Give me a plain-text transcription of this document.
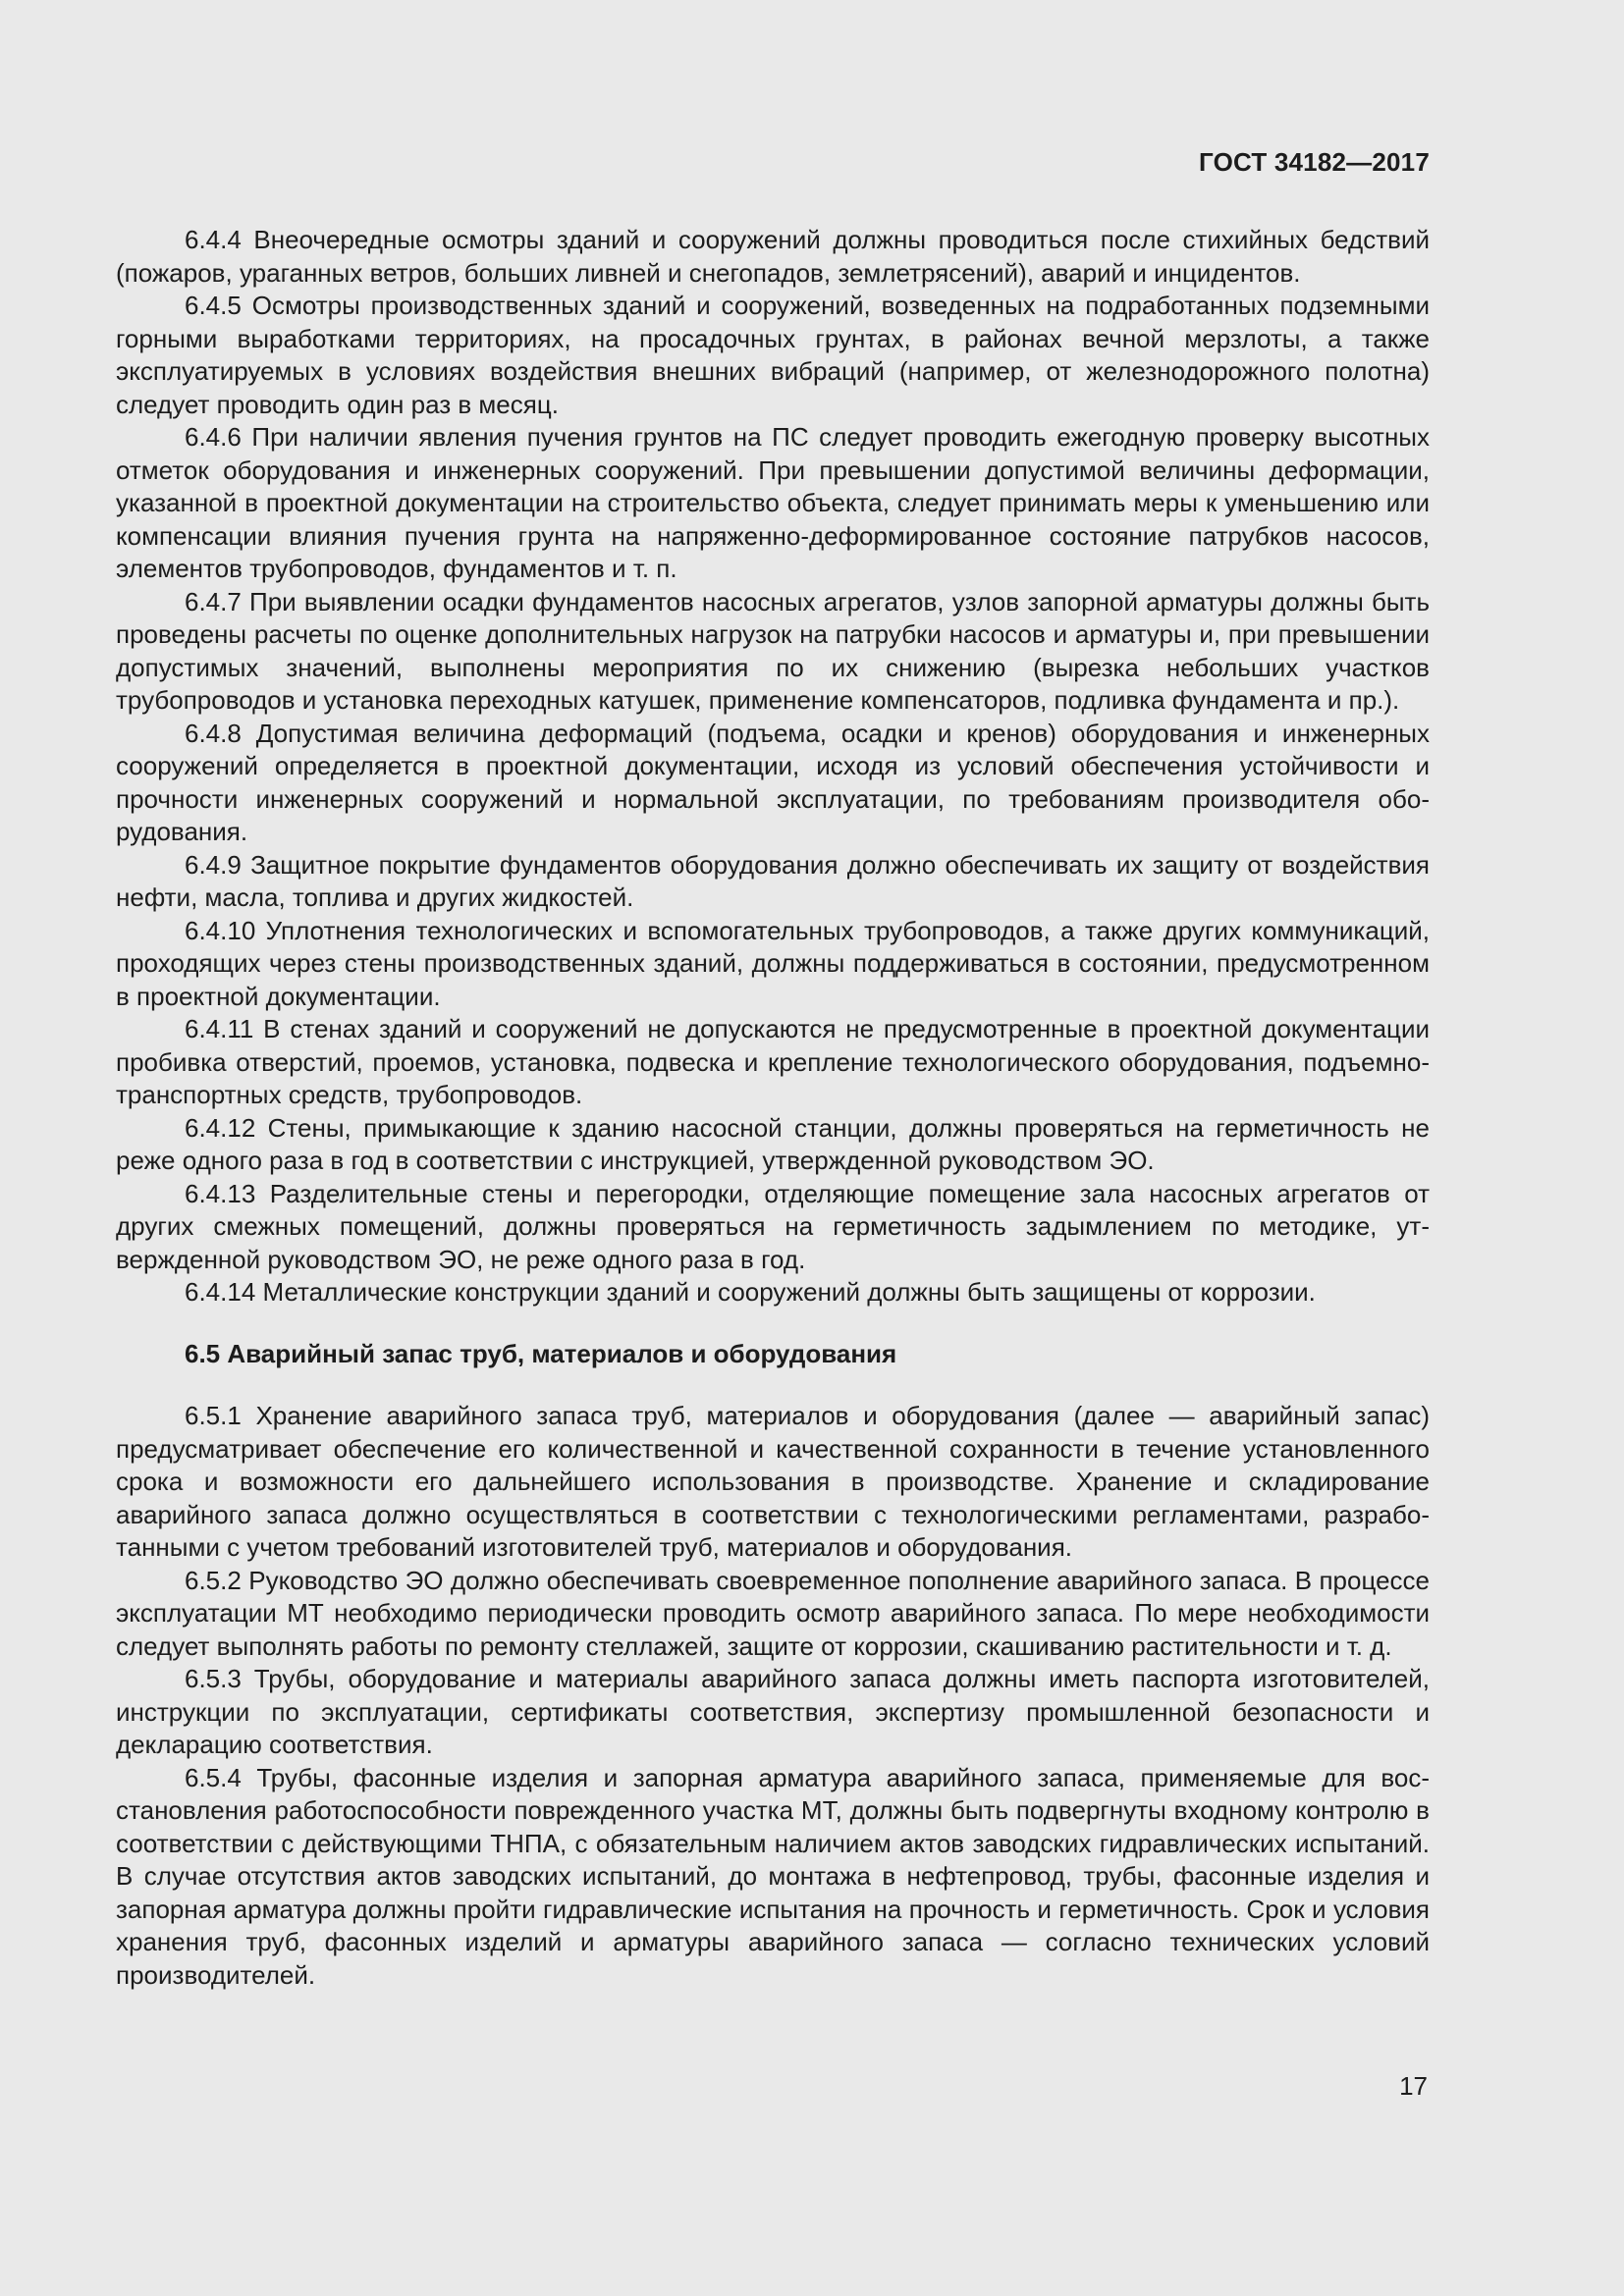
ГОСТ 34182—2017

6.4.4 Внеочередные осмотры зданий и сооружений должны проводиться после стихийных бедствий (пожаров, ураганных ветров, больших ливней и снегопадов, землетрясений), аварий и инцидентов.

6.4.5 Осмотры производственных зданий и сооружений, возведенных на подработанных подземными горными выработками территориях, на просадочных грунтах, в районах вечной мерзлоты, а также эксплуатируемых в условиях воздействия внешних вибраций (например, от железнодорожного полотна) следует проводить один раз в месяц.

6.4.6 При наличии явления пучения грунтов на ПС следует проводить ежегодную проверку высотных отметок оборудования и инженерных сооружений. При превышении допустимой величины деформации, указанной в проектной документации на строительство объекта, следует принимать меры к уменьшению или компенсации влияния пучения грунта на напряженно-деформированное состояние патрубков насосов, элементов трубопроводов, фундаментов и т. п.

6.4.7 При выявлении осадки фундаментов насосных агрегатов, узлов запорной арматуры должны быть проведены расчеты по оценке дополнительных нагрузок на патрубки насосов и арматуры и, при превышении допустимых значений, выполнены мероприятия по их снижению (вырезка небольших участков трубопроводов и установка переходных катушек, применение компенсаторов, подливка фундамента и пр.).

6.4.8 Допустимая величина деформаций (подъема, осадки и кренов) оборудования и инженерных сооружений определяется в проектной документации, исходя из условий обеспечения устойчивости и прочности инженерных сооружений и нормальной эксплуатации, по требованиям производителя оборудования.

6.4.9 Защитное покрытие фундаментов оборудования должно обеспечивать их защиту от воздействия нефти, масла, топлива и других жидкостей.

6.4.10 Уплотнения технологических и вспомогательных трубопроводов, а также других коммуникаций, проходящих через стены производственных зданий, должны поддерживаться в состоянии, предусмотренном в проектной документации.

6.4.11 В стенах зданий и сооружений не допускаются не предусмотренные в проектной документации пробивка отверстий, проемов, установка, подвеска и крепление технологического оборудования, подъемно-транспортных средств, трубопроводов.

6.4.12 Стены, примыкающие к зданию насосной станции, должны проверяться на герметичность не реже одного раза в год в соответствии с инструкцией, утвержденной руководством ЭО.

6.4.13 Разделительные стены и перегородки, отделяющие помещение зала насосных агрегатов от других смежных помещений, должны проверяться на герметичность задымлением по методике, утвержденной руководством ЭО, не реже одного раза в год.

6.4.14 Металлические конструкции зданий и сооружений должны быть защищены от коррозии.

6.5 Аварийный запас труб, материалов и оборудования

6.5.1 Хранение аварийного запаса труб, материалов и оборудования (далее — аварийный запас) предусматривает обеспечение его количественной и качественной сохранности в течение установленного срока и возможности его дальнейшего использования в производстве. Хранение и складирование аварийного запаса должно осуществляться в соответствии с технологическими регламентами, разработанными с учетом требований изготовителей труб, материалов и оборудования.

6.5.2 Руководство ЭО должно обеспечивать своевременное пополнение аварийного запаса. В процессе эксплуатации МТ необходимо периодически проводить осмотр аварийного запаса. По мере необходимости следует выполнять работы по ремонту стеллажей, защите от коррозии, скашиванию растительности и т. д.

6.5.3 Трубы, оборудование и материалы аварийного запаса должны иметь паспорта изготовителей, инструкции по эксплуатации, сертификаты соответствия, экспертизу промышленной безопасности и декларацию соответствия.

6.5.4 Трубы, фасонные изделия и запорная арматура аварийного запаса, применяемые для восстановления работоспособности поврежденного участка МТ, должны быть подвергнуты входному контролю в соответствии с действующими ТНПА, с обязательным наличием актов заводских гидравлических испытаний. В случае отсутствия актов заводских испытаний, до монтажа в нефтепровод, трубы, фасонные изделия и запорная арматура должны пройти гидравлические испытания на прочность и герметичность. Срок и условия хранения труб, фасонных изделий и арматуры аварийного запаса — согласно технических условий производителей.

17
